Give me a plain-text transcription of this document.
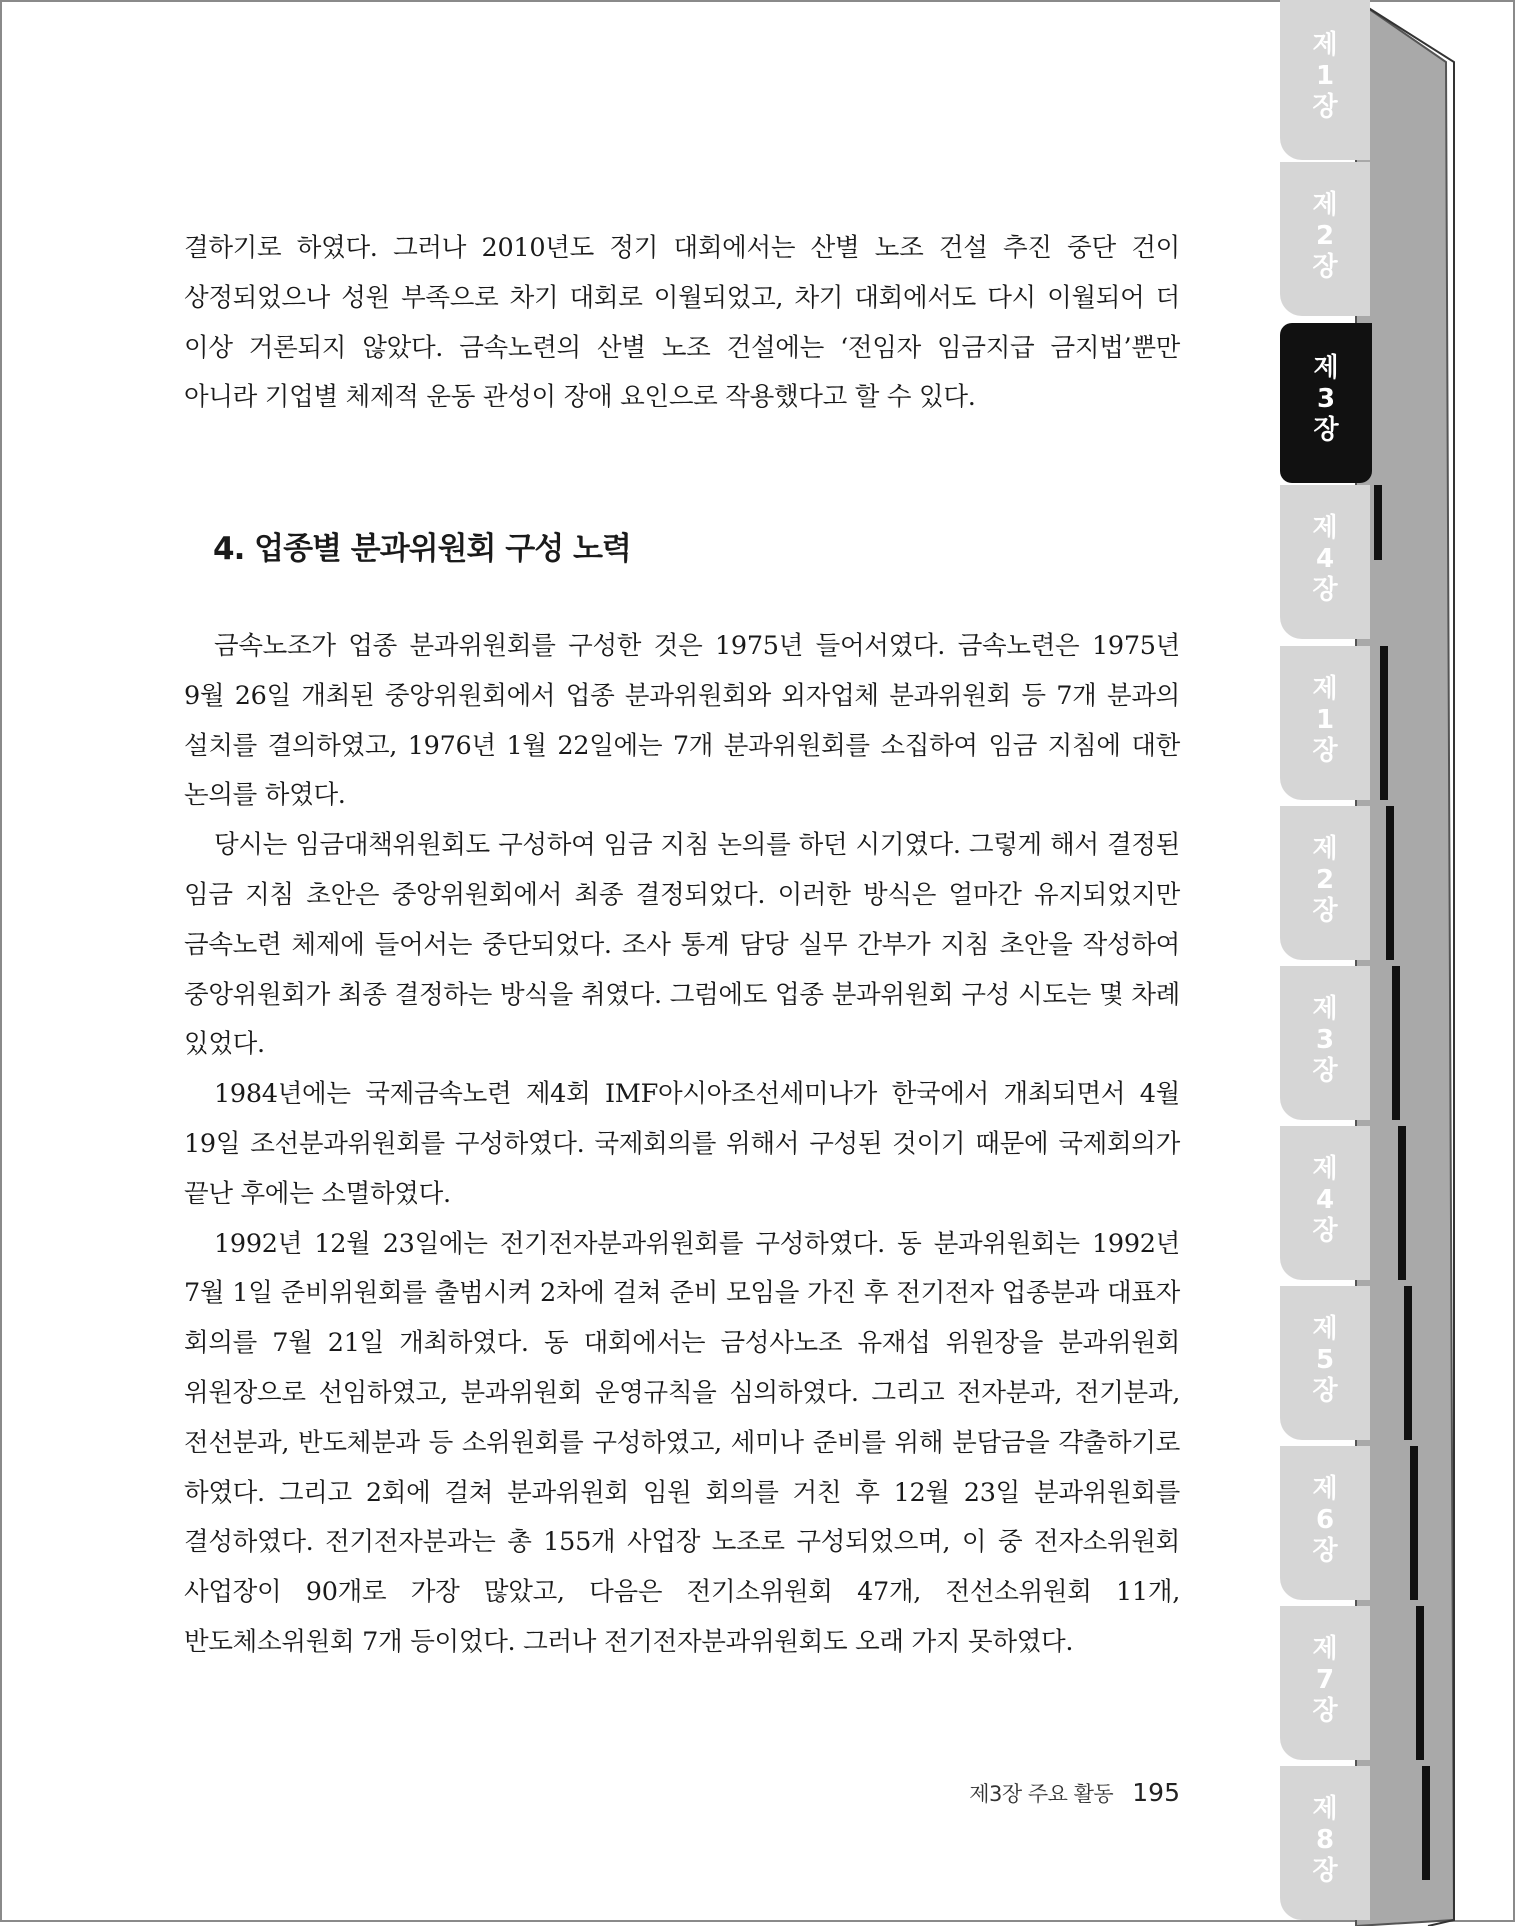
결하기로 하였다. 그러나 2010년도 정기 대회에서는 산별 노조 건설 추진 중단 건이 상정되었으나 성원 부족으로 차기 대회로 이월되었고, 차기 대회에서도 다시 이월되어 더 이상 거론되지 않았다. 금속노련의 산별 노조 건설에는 ‘전임자 임금지급 금지법’뿐만 아니라 기업별 체제적 운동 관성이 장애 요인으로 작용했다고 할 수 있다.

4. 업종별 분과위원회 구성 노력

금속노조가 업종 분과위원회를 구성한 것은 1975년 들어서였다. 금속노련은 1975년 9월 26일 개최된 중앙위원회에서 업종 분과위원회와 외자업체 분과위원회 등 7개 분과의 설치를 결의하였고, 1976년 1월 22일에는 7개 분과위원회를 소집하여 임금 지침에 대한 논의를 하였다.

당시는 임금대책위원회도 구성하여 임금 지침 논의를 하던 시기였다. 그렇게 해서 결정된 임금 지침 초안은 중앙위원회에서 최종 결정되었다. 이러한 방식은 얼마간 유지되었지만 금속노련 체제에 들어서는 중단되었다. 조사 통계 담당 실무 간부가 지침 초안을 작성하여 중앙위원회가 최종 결정하는 방식을 취였다. 그럼에도 업종 분과위원회 구성 시도는 몇 차례 있었다.

1984년에는 국제금속노련 제4회 IMF아시아조선세미나가 한국에서 개최되면서 4월 19일 조선분과위원회를 구성하였다. 국제회의를 위해서 구성된 것이기 때문에 국제회의가 끝난 후에는 소멸하였다.

1992년 12월 23일에는 전기전자분과위원회를 구성하였다. 동 분과위원회는 1992년 7월 1일 준비위원회를 출범시켜 2차에 걸쳐 준비 모임을 가진 후 전기전자 업종분과 대표자 회의를 7월 21일 개최하였다. 동 대회에서는 금성사노조 유재섭 위원장을 분과위원회 위원장으로 선임하였고, 분과위원회 운영규칙을 심의하였다. 그리고 전자분과, 전기분과, 전선분과, 반도체분과 등 소위원회를 구성하였고, 세미나 준비를 위해 분담금을 갹출하기로 하였다. 그리고 2회에 걸쳐 분과위원회 임원 회의를 거친 후 12월 23일 분과위원회를 결성하였다. 전기전자분과는 총 155개 사업장 노조로 구성되었으며, 이 중 전자소위원회 사업장이 90개로 가장 많았고, 다음은 전기소위원회 47개, 전선소위원회 11개, 반도체소위원회 7개 등이었다. 그러나 전기전자분과위원회도 오래 가지 못하였다.

제3장 주요 활동 195
제
1
장
제
2
장
제
3
장
제
4
장
제
1
장
제
2
장
제
3
장
제
4
장
제
5
장
제
6
장
제
7
장
제
8
장
